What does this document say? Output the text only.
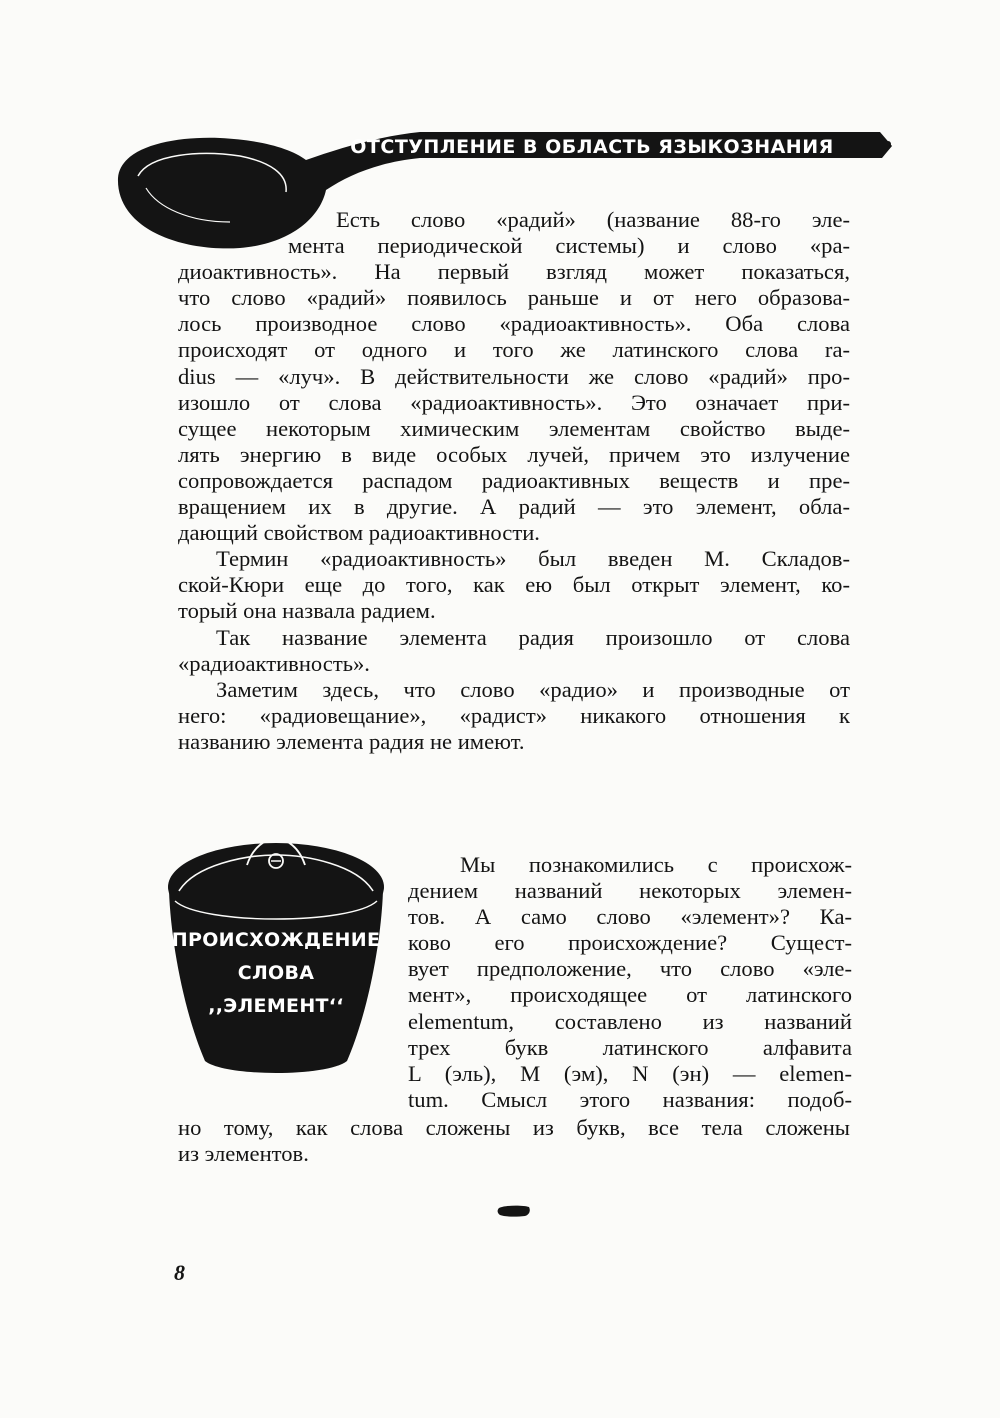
ОТСТУПЛЕНИЕ В ОБЛАСТЬ ЯЗЫКОЗНАНИЯ
Есть слово «радий» (название 88-го эле-
мента периодической системы) и слово «ра-
диоактивность». На первый взгляд может показаться,
что слово «радий» появилось раньше и от него образова-
лось производное слово «радиоактивность». Оба слова
происходят от одного и того же латинского слова ra-
dius — «луч». В действительности же слово «радий» про-
изошло от слова «радиоактивность». Это означает при-
сущее некоторым химическим элементам свойство выде-
лять энергию в виде особых лучей, причем это излучение
сопровождается распадом радиоактивных веществ и пре-
вращением их в другие. А радий — это элемент, обла-
дающий свойством радиоактивности.
Термин «радиоактивность» был введен М. Складов-
ской-Кюри еще до того, как ею был открыт элемент, ко-
торый она назвала радием.
Так название элемента радия произошло от слова
«радиоактивность».
Заметим здесь, что слово «радио» и производные от
него: «радиовещание», «радист» никакого отношения к
названию элемента радия не имеют.
ПРОИСХОЖДЕНИЕ
СЛОВА
,,ЭЛЕМЕНТ‘‘
Мы познакомились с происхож-
дением названий некоторых элемен-
тов. А само слово «элемент»? Ка-
ково его происхождение? Сущест-
вует предположение, что слово «эле-
мент», происходящее от латинского
elementum, составлено из названий
трех букв латинского алфавита
L (эль), M (эм), N (эн) — elemen-
tum. Смысл этого названия: подоб-
но тому, как слова сложены из букв, все тела сложены
из элементов.
8
